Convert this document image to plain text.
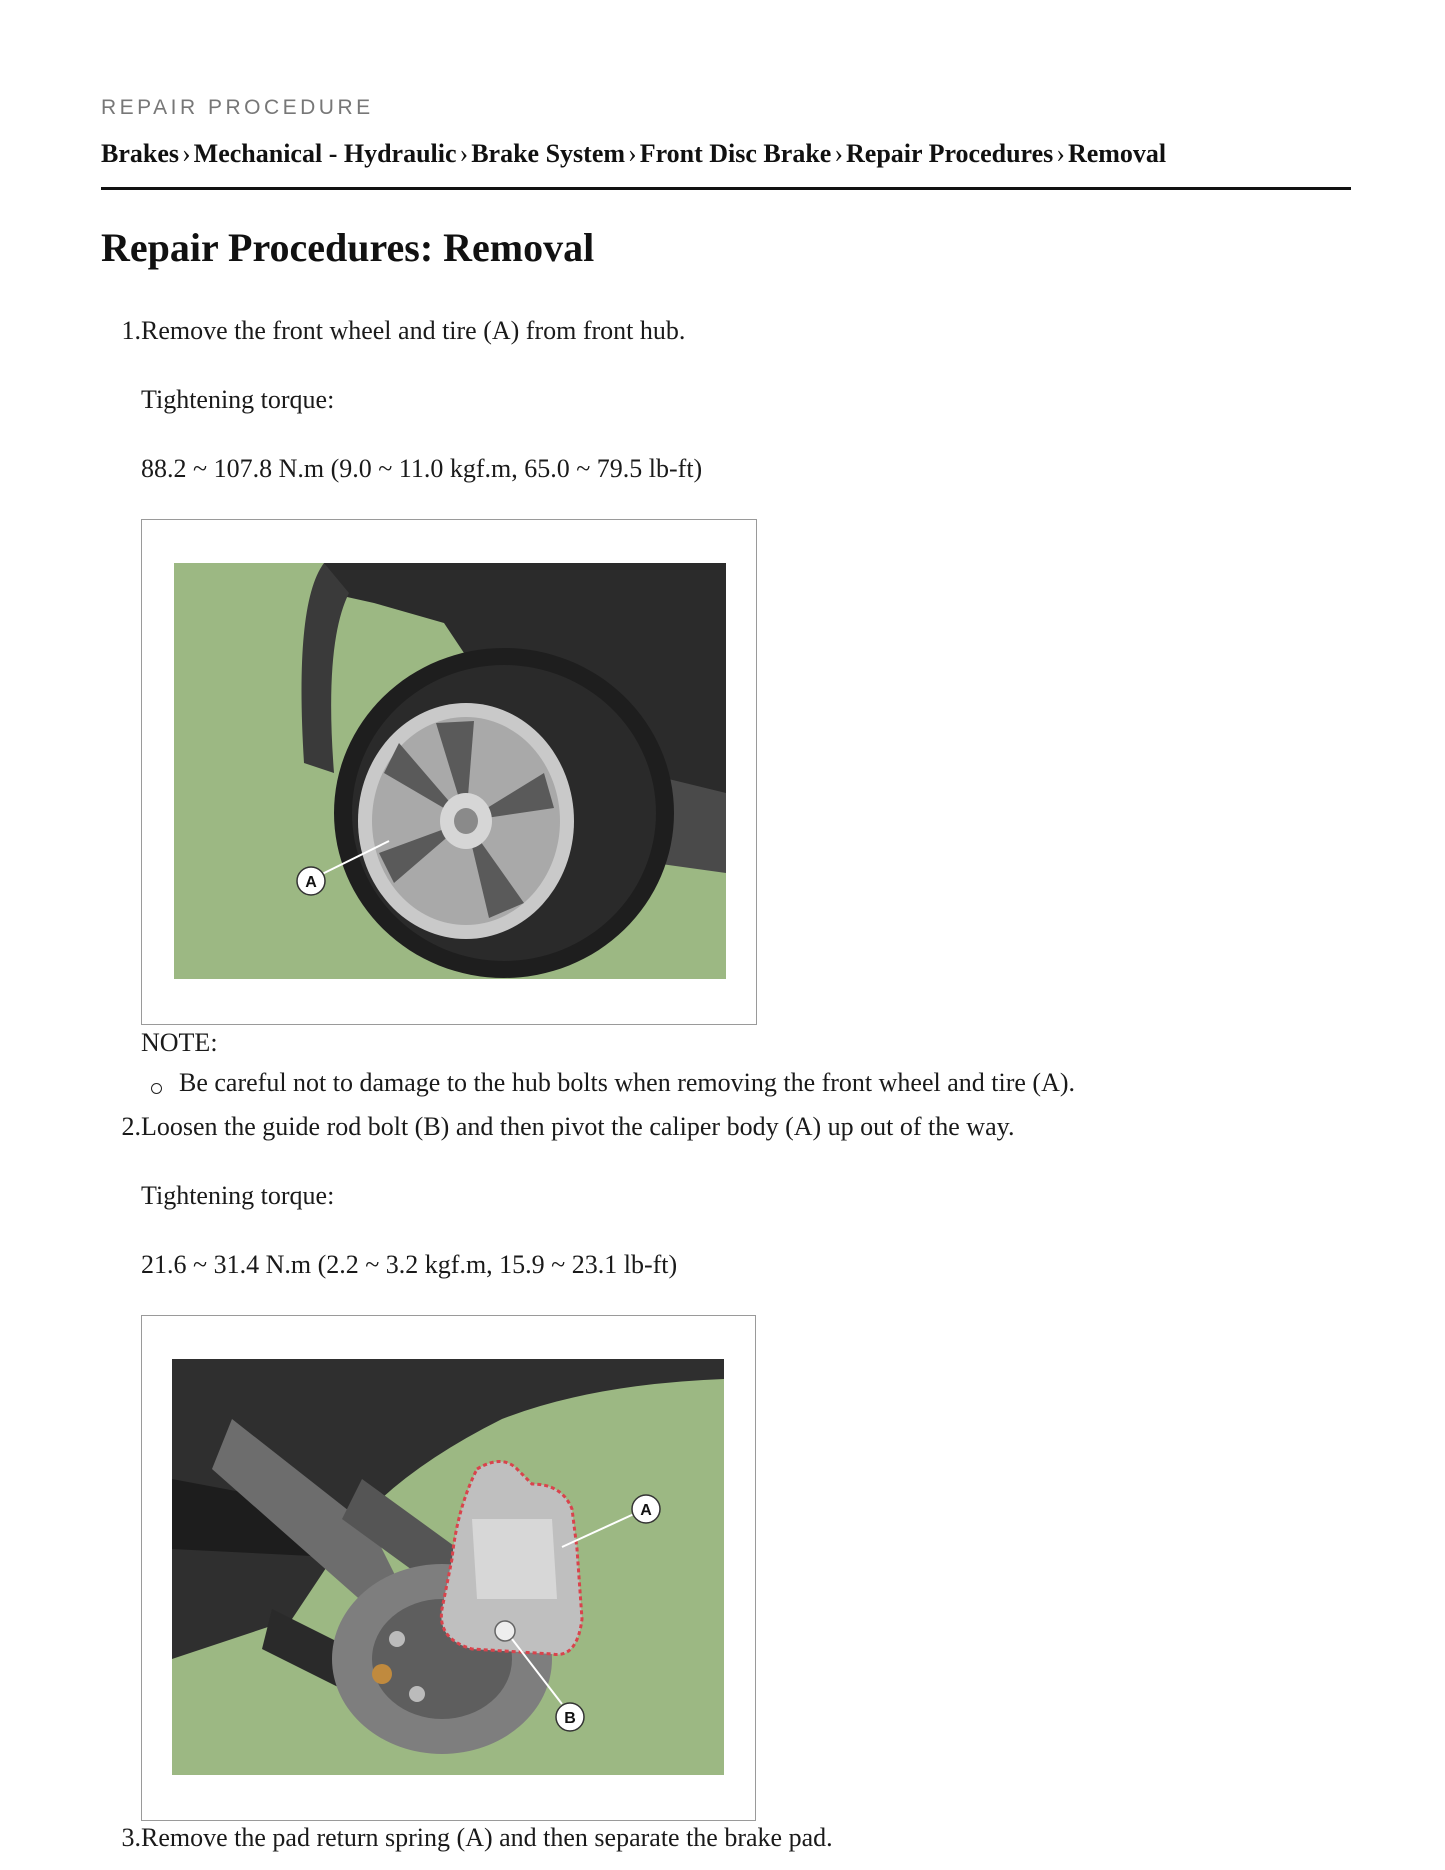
REPAIR PROCEDURE
Brakes › Mechanical - Hydraulic › Brake System › Front Disc Brake › Repair Procedures › Removal
Repair Procedures: Removal
1. Remove the front wheel and tire (A) from front hub.
Tightening torque:
88.2 ~ 107.8 N.m (9.0 ~ 11.0 kgf.m, 65.0 ~ 79.5 lb-ft)
A
NOTE:
Be careful not to damage to the hub bolts when removing the front wheel and tire (A).
2. Loosen the guide rod bolt (B) and then pivot the caliper body (A) up out of the way.
Tightening torque:
21.6 ~ 31.4 N.m (2.2 ~ 3.2 kgf.m, 15.9 ~ 23.1 lb-ft)
A
B
3. Remove the pad return spring (A) and then separate the brake pad.
